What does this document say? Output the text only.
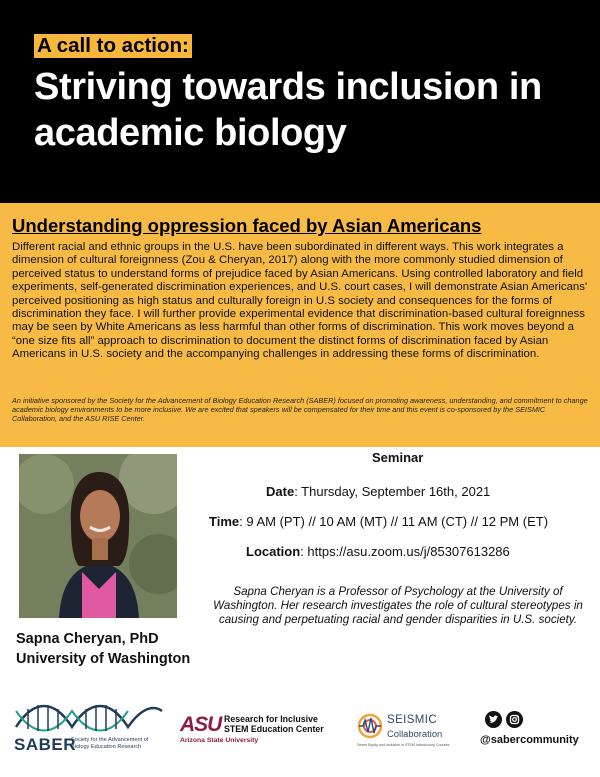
A call to action:
Striving towards inclusion in academic biology
Understanding oppression faced by Asian Americans
Different racial and ethnic groups in the U.S. have been subordinated in different ways. This work integrates a dimension of cultural foreignness (Zou & Cheryan, 2017) along with the more commonly studied dimension of perceived status to understand forms of prejudice faced by Asian Americans. Using controlled laboratory and field experiments, self-generated discrimination experiences, and U.S. court cases, I will demonstrate Asian Americans' perceived positioning as high status and culturally foreign in U.S society and consequences for the forms of discrimination they face. I will further provide experimental evidence that discrimination-based cultural foreignness may be seen by White Americans as less harmful than other forms of discrimination. This work moves beyond a “one size fits all” approach to discrimination to document the distinct forms of discrimination faced by Asian Americans in U.S. society and the accompanying challenges in addressing these forms of discrimination.
An initiative sponsored by the Society for the Advancement of Biology Education Research (SABER) focused on promoting awareness, understanding, and commitment to change academic biology environments to be more inclusive. We are excited that speakers will be compensated for their time and this event is co-sponsored by the SEISMIC Collaboration, and the ASU RISE Center.
Sapna Cheryan, PhD
University of Washington
Seminar
Date: Thursday, September 16th, 2021
Time: 9 AM (PT) // 10 AM (MT) // 11 AM (CT) // 12 PM (ET)
Location: https://asu.zoom.us/j/85307613286
Sapna Cheryan is a Professor of Psychology at the University of Washington. Her research investigates the role of cultural stereotypes in causing and perpetuating racial and gender disparities in U.S. society.
SABER
Society for the Advancement of Biology Education Research
ASU Research for Inclusive STEM Education Center
Arizona State University
SEISMIC
Collaboration
Sweet Equity and Inclusion in STEM Introductory Courses	@sabercommunity
